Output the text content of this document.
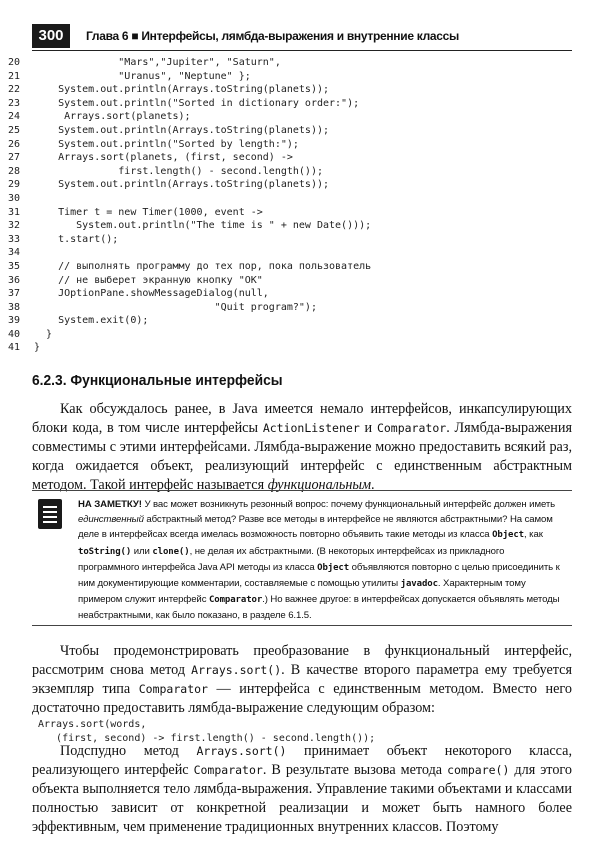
300	Глава 6 ■ Интерфейсы, лямбда-выражения и внутренние классы
20              "Mars","Jupiter", "Saturn",
21              "Uranus", "Neptune" };
22    System.out.println(Arrays.toString(planets));
23    System.out.println("Sorted in dictionary order:");
24     Arrays.sort(planets);
25    System.out.println(Arrays.toString(planets));
26    System.out.println("Sorted by length:");
27    Arrays.sort(planets, (first, second) ->
28              first.length() - second.length());
29    System.out.println(Arrays.toString(planets));
30
31    Timer t = new Timer(1000, event ->
32       System.out.println("The time is " + new Date()));
33    t.start();
34
35    // выполнять программу до тех пор, пока пользователь
36    // не выберет экранную кнопку "OK"
37    JOptionPane.showMessageDialog(null,
38                              "Quit program?");
39    System.exit(0);
40  }
41 }
6.2.3. Функциональные интерфейсы
Как обсуждалось ранее, в Java имеется немало интерфейсов, инкапсулирующих блоки кода, в том числе интерфейсы ActionListener и Comparator. Лямбда-выражения совместимы с этими интерфейсами. Лямбда-выражение можно предоставить всякий раз, когда ожидается объект, реализующий интерфейс с единственным абстрактным методом. Такой интерфейс называется функциональным.
НА ЗАМЕТКУ! У вас может возникнуть резонный вопрос: почему функциональный интерфейс должен иметь единственный абстрактный метод? Разве все методы в интерфейсе не являются абстрактными? На самом деле в интерфейсах всегда имелась возможность повторно объявить такие методы из класса Object, как toString() или clone(), не делая их абстрактными. (В некоторых интерфейсах из прикладного программного интерфейса Java API методы из класса Object объявляются повторно с целью присоединить к ним документирующие комментарии, составляемые с помощью утилиты javadoc. Характерным тому примером служит интерфейс Comparator.) Но важнее другое: в интерфейсах допускается объявлять методы неабстрактными, как было показано, в разделе 6.1.5.
Чтобы продемонстрировать преобразование в функциональный интерфейс, рассмотрим снова метод Arrays.sort(). В качестве второго параметра ему требуется экземпляр типа Comparator — интерфейса с единственным методом. Вместо него достаточно предоставить лямбда-выражение следующим образом:
Arrays.sort(words,
(first, second) -> first.length() - second.length());
Подспудно метод Arrays.sort() принимает объект некоторого класса, реализующего интерфейс Comparator. В результате вызова метода compare() для этого объекта выполняется тело лямбда-выражения. Управление такими объектами и классами полностью зависит от конкретной реализации и может быть намного более эффективным, чем применение традиционных внутренних классов. Поэтому
